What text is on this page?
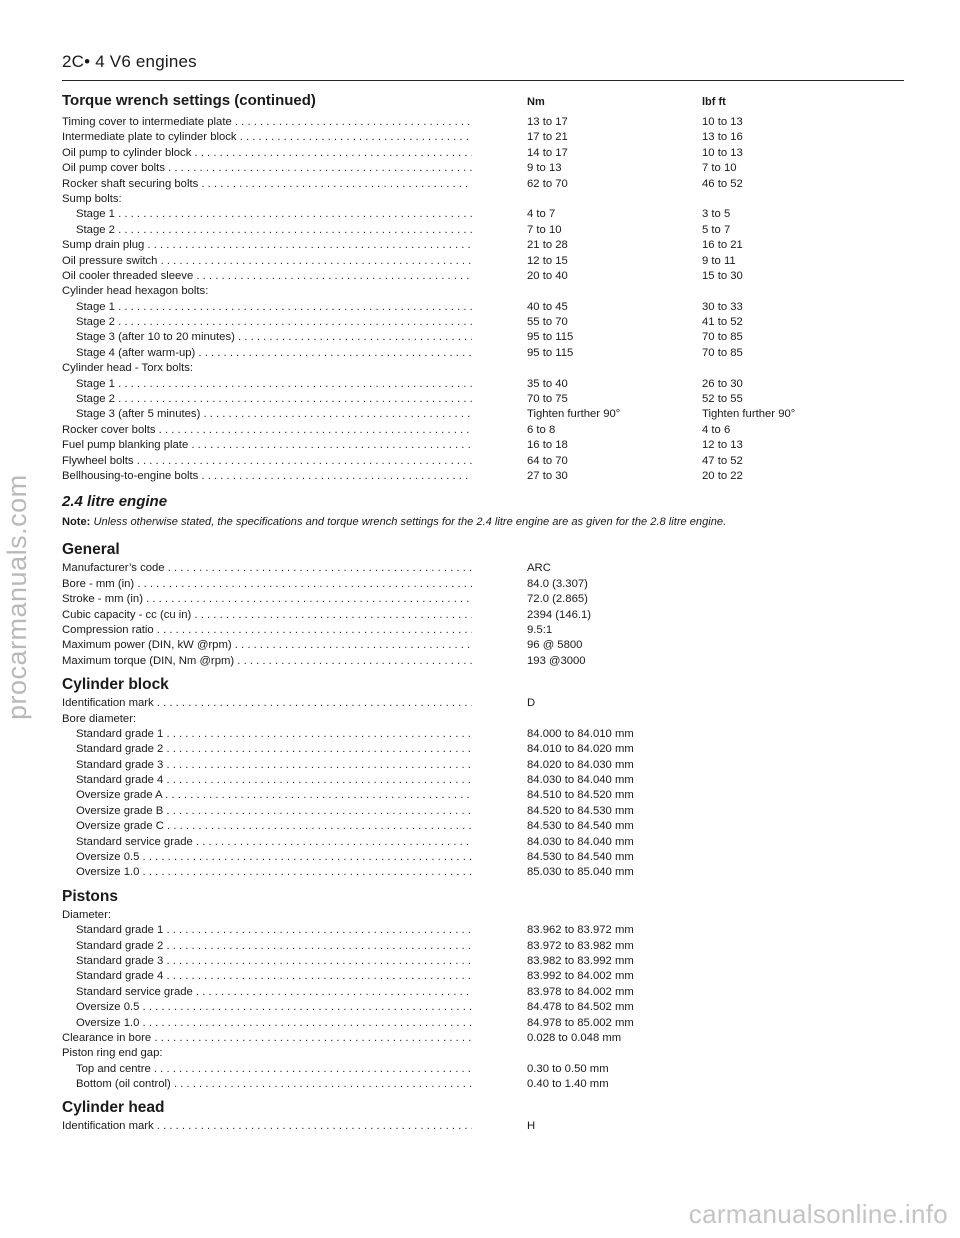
2C• 4 V6 engines
procarmanuals.com
carmanualsonline.info
Torque wrench settings (continued)	Nm	lbf ft
Timing cover to intermediate plate . . .	13 to 17	10 to 13
Intermediate plate to cylinder block . . .	17 to 21	13 to 16
Oil pump to cylinder block . . .	14 to 17	10 to 13
Oil pump cover bolts . . .	9 to 13	7 to 10
Rocker shaft securing bolts . . .	62 to 70	46 to 52
Sump bolts:
Stage 1 . . .	4 to 7	3 to 5
Stage 2 . . .	7 to 10	5 to 7
Sump drain plug . . .	21 to 28	16 to 21
Oil pressure switch . . .	12 to 15	9 to 11
Oil cooler threaded sleeve . . .	20 to 40	15 to 30
Cylinder head hexagon bolts:
Stage 1 . . .	40 to 45	30 to 33
Stage 2 . . .	55 to 70	41 to 52
Stage 3 (after 10 to 20 minutes) . . .	95 to 115	70 to 85
Stage 4 (after warm-up) . . .	95 to 115	70 to 85
Cylinder head - Torx bolts:
Stage 1 . . .	35 to 40	26 to 30
Stage 2 . . .	70 to 75	52 to 55
Stage 3 (after 5 minutes) . . .	Tighten further 90°	Tighten further 90°
Rocker cover bolts . . .	6 to 8	4 to 6
Fuel pump blanking plate . . .	16 to 18	12 to 13
Flywheel bolts . . .	64 to 70	47 to 52
Bellhousing-to-engine bolts . . .	27 to 30	20 to 22
2.4 litre engine
Note: Unless otherwise stated, the specifications and torque wrench settings for the 2.4 litre engine are as given for the 2.8 litre engine.
General
Manufacturer’s code . . .	ARC
Bore - mm (in) . . .	84.0 (3.307)
Stroke - mm (in) . . .	72.0 (2.865)
Cubic capacity - cc (cu in) . . .	2394 (146.1)
Compression ratio . . .	9.5:1
Maximum power (DIN, kW @rpm) . . .	96 @ 5800
Maximum torque (DIN, Nm @rpm) . . .	193 @3000
Cylinder block
Identification mark . . .	D
Bore diameter:
Standard grade 1 . . .	84.000 to 84.010 mm
Standard grade 2 . . .	84.010 to 84.020 mm
Standard grade 3 . . .	84.020 to 84.030 mm
Standard grade 4 . . .	84.030 to 84.040 mm
Oversize grade A . . .	84.510 to 84.520 mm
Oversize grade B . . .	84.520 to 84.530 mm
Oversize grade C . . .	84.530 to 84.540 mm
Standard service grade . . .	84.030 to 84.040 mm
Oversize 0.5 . . .	84.530 to 84.540 mm
Oversize 1.0 . . .	85.030 to 85.040 mm
Pistons
Diameter:
Standard grade 1 . . .	83.962 to 83.972 mm
Standard grade 2 . . .	83.972 to 83.982 mm
Standard grade 3 . . .	83.982 to 83.992 mm
Standard grade 4 . . .	83.992 to 84.002 mm
Standard service grade . . .	83.978 to 84.002 mm
Oversize 0.5 . . .	84.478 to 84.502 mm
Oversize 1.0 . . .	84.978 to 85.002 mm
Clearance in bore . . .	0.028 to 0.048 mm
Piston ring end gap:
Top and centre . . .	0.30 to 0.50 mm
Bottom (oil control) . . .	0.40 to 1.40 mm
Cylinder head
Identification mark . . .	H
